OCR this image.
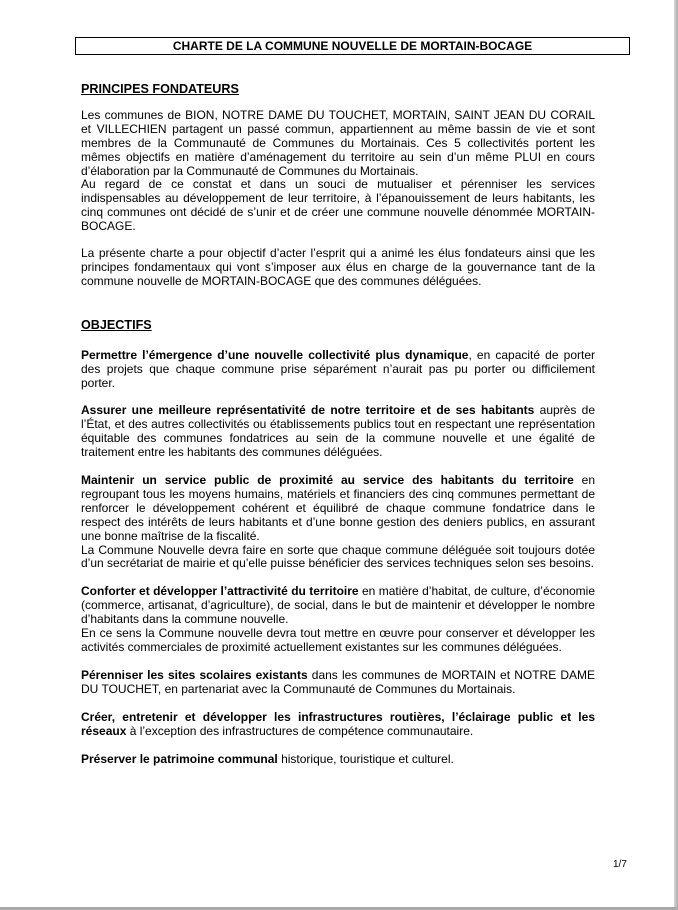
CHARTE DE LA COMMUNE NOUVELLE DE MORTAIN-BOCAGE

PRINCIPES FONDATEURS

Les communes de BION, NOTRE DAME DU TOUCHET, MORTAIN, SAINT JEAN DU CORAIL et VILLECHIEN partagent un passé commun, appartiennent au même bassin de vie et sont membres de la Communauté de Communes du Mortainais. Ces 5 collectivités portent les mêmes objectifs en matière d’aménagement du territoire au sein d’un même PLUI en cours d’élaboration par la Communauté de Communes du Mortainais.

Au regard de ce constat et dans un souci de mutualiser et pérenniser les services indispensables au développement de leur territoire, à l’épanouissement de leurs habitants, les cinq communes ont décidé de s’unir et de créer une commune nouvelle dénommée MORTAIN-BOCAGE.

La présente charte a pour objectif d’acter l’esprit qui a animé les élus fondateurs ainsi que les principes fondamentaux qui vont s’imposer aux élus en charge de la gouvernance tant de la commune nouvelle de MORTAIN-BOCAGE que des communes déléguées.

OBJECTIFS

Permettre l’émergence d’une nouvelle collectivité plus dynamique, en capacité de porter des projets que chaque commune prise séparément n’aurait pas pu porter ou difficilement porter.

Assurer une meilleure représentativité de notre territoire et de ses habitants auprès de l’État, et des autres collectivités ou établissements publics tout en respectant une représentation équitable des communes fondatrices au sein de la commune nouvelle et une égalité de traitement entre les habitants des communes déléguées.

Maintenir un service public de proximité au service des habitants du territoire en regroupant tous les moyens humains, matériels et financiers des cinq communes permettant de renforcer le développement cohérent et équilibré de chaque commune fondatrice dans le respect des intérêts de leurs habitants et d’une bonne gestion des deniers publics, en assurant une bonne maîtrise de la fiscalité.

La Commune Nouvelle devra faire en sorte que chaque commune déléguée soit toujours dotée d’un secrétariat de mairie et qu’elle puisse bénéficier des services techniques selon ses besoins.

Conforter et développer l’attractivité du territoire en matière d’habitat, de culture, d’économie (commerce, artisanat, d’agriculture), de social, dans le but de maintenir et développer le nombre d’habitants dans la commune nouvelle.

En ce sens la Commune nouvelle devra tout mettre en œuvre pour conserver et développer les activités commerciales de proximité actuellement existantes sur les communes déléguées.

Pérenniser les sites scolaires existants dans les communes de MORTAIN et NOTRE DAME DU TOUCHET, en partenariat avec la Communauté de Communes du Mortainais.

Créer, entretenir et développer les infrastructures routières, l’éclairage public et les réseaux à l’exception des infrastructures de compétence communautaire.

Préserver le patrimoine communal historique, touristique et culturel.

1/7
